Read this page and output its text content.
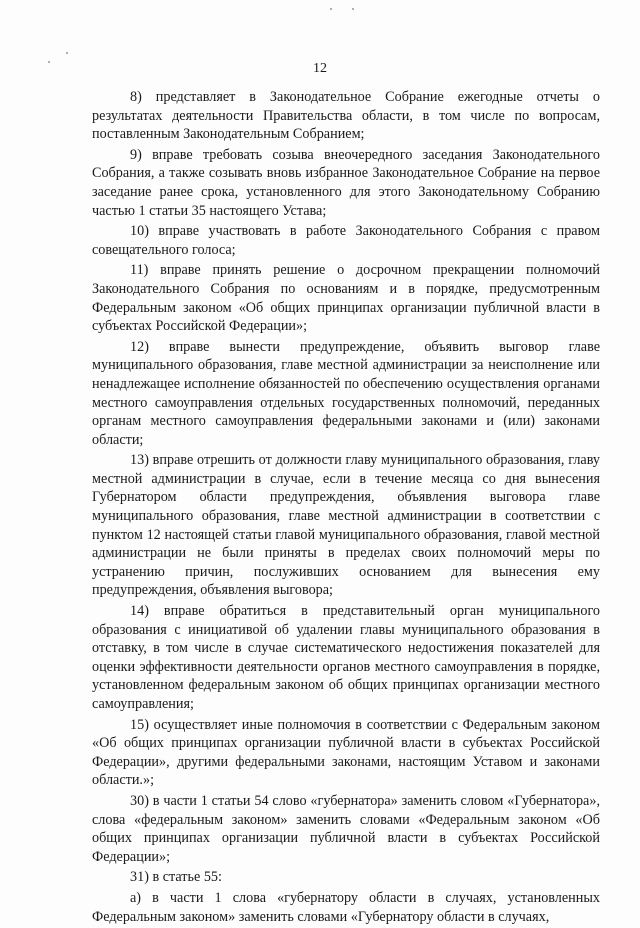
12

8) представляет в Законодательное Собрание ежегодные отчеты о результатах деятельности Правительства области, в том числе по вопросам, поставленным Законодательным Собранием;

9) вправе требовать созыва внеочередного заседания Законодательного Собрания, а также созывать вновь избранное Законодательное Собрание на первое заседание ранее срока, установленного для этого Законодательному Собранию частью 1 статьи 35 настоящего Устава;

10) вправе участвовать в работе Законодательного Собрания с правом совещательного голоса;

11) вправе принять решение о досрочном прекращении полномочий Законодательного Собрания по основаниям и в порядке, предусмотренным Федеральным законом «Об общих принципах организации публичной власти в субъектах Российской Федерации»;

12) вправе вынести предупреждение, объявить выговор главе муниципального образования, главе местной администрации за неисполнение или ненадлежащее исполнение обязанностей по обеспечению осуществления органами местного самоуправления отдельных государственных полномочий, переданных органам местного самоуправления федеральными законами и (или) законами области;

13) вправе отрешить от должности главу муниципального образования, главу местной администрации в случае, если в течение месяца со дня вынесения Губернатором области предупреждения, объявления выговора главе муниципального образования, главе местной администрации в соответствии с пунктом 12 настоящей статьи главой муниципального образования, главой местной администрации не были приняты в пределах своих полномочий меры по устранению причин, послуживших основанием для вынесения ему предупреждения, объявления выговора;

14) вправе обратиться в представительный орган муниципального образования с инициативой об удалении главы муниципального образования в отставку, в том числе в случае систематического недостижения показателей для оценки эффективности деятельности органов местного самоуправления в порядке, установленном федеральным законом об общих принципах организации местного самоуправления;

15) осуществляет иные полномочия в соответствии с Федеральным законом «Об общих принципах организации публичной власти в субъектах Российской Федерации», другими федеральными законами, настоящим Уставом и законами области.»;

30) в части 1 статьи 54 слово «губернатора» заменить словом «Губернатора», слова «федеральным законом» заменить словами «Федеральным законом «Об общих принципах организации публичной власти в субъектах Российской Федерации»;

31) в статье 55:

а) в части 1 слова «губернатору области в случаях, установленных Федеральным законом» заменить словами «Губернатору области в случаях,
